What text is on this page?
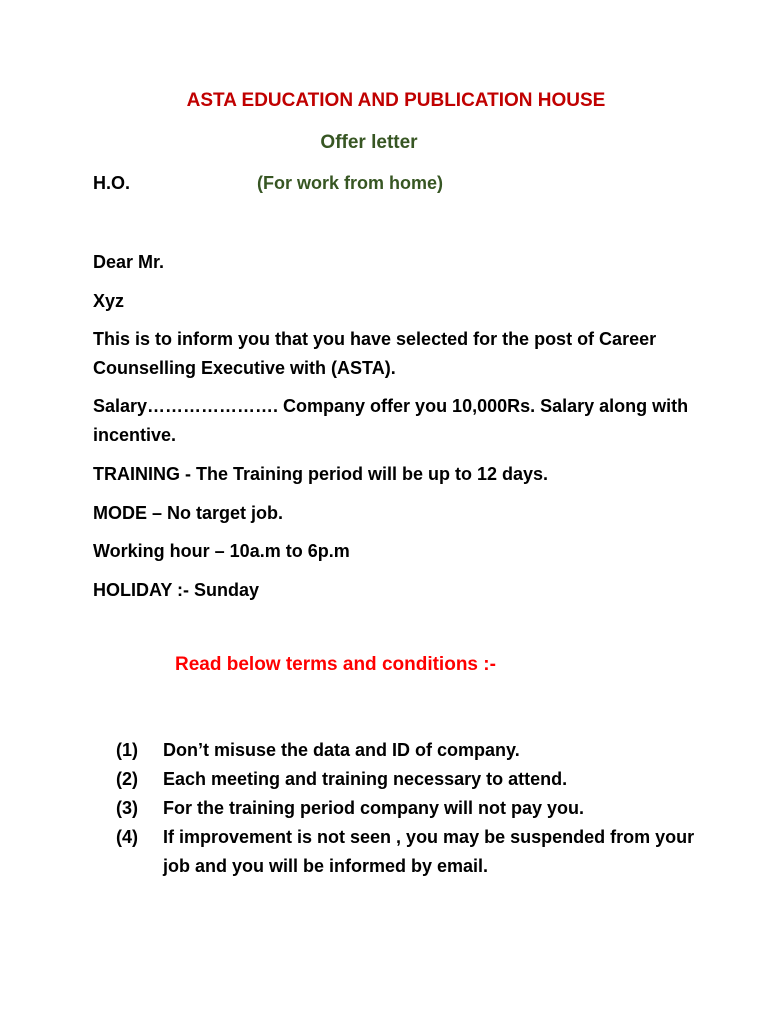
ASTA EDUCATION AND PUBLICATION HOUSE
Offer letter
H.O.	(For work from home)
Dear Mr.
Xyz
This is to inform you that you have selected for the post of Career Counselling Executive with (ASTA).
Salary…………………. Company offer you 10,000Rs. Salary along with incentive.
TRAINING - The Training period will be up to 12 days.
MODE – No target job.
Working hour – 10a.m to 6p.m
HOLIDAY :- Sunday
Read below terms and conditions :-
(1)	Don’t misuse the data and ID of company.
(2)	Each meeting and training necessary to attend.
(3)	For the training period company will not pay you.
(4)	If improvement is not seen , you may be suspended from your job and you will be informed by email.
